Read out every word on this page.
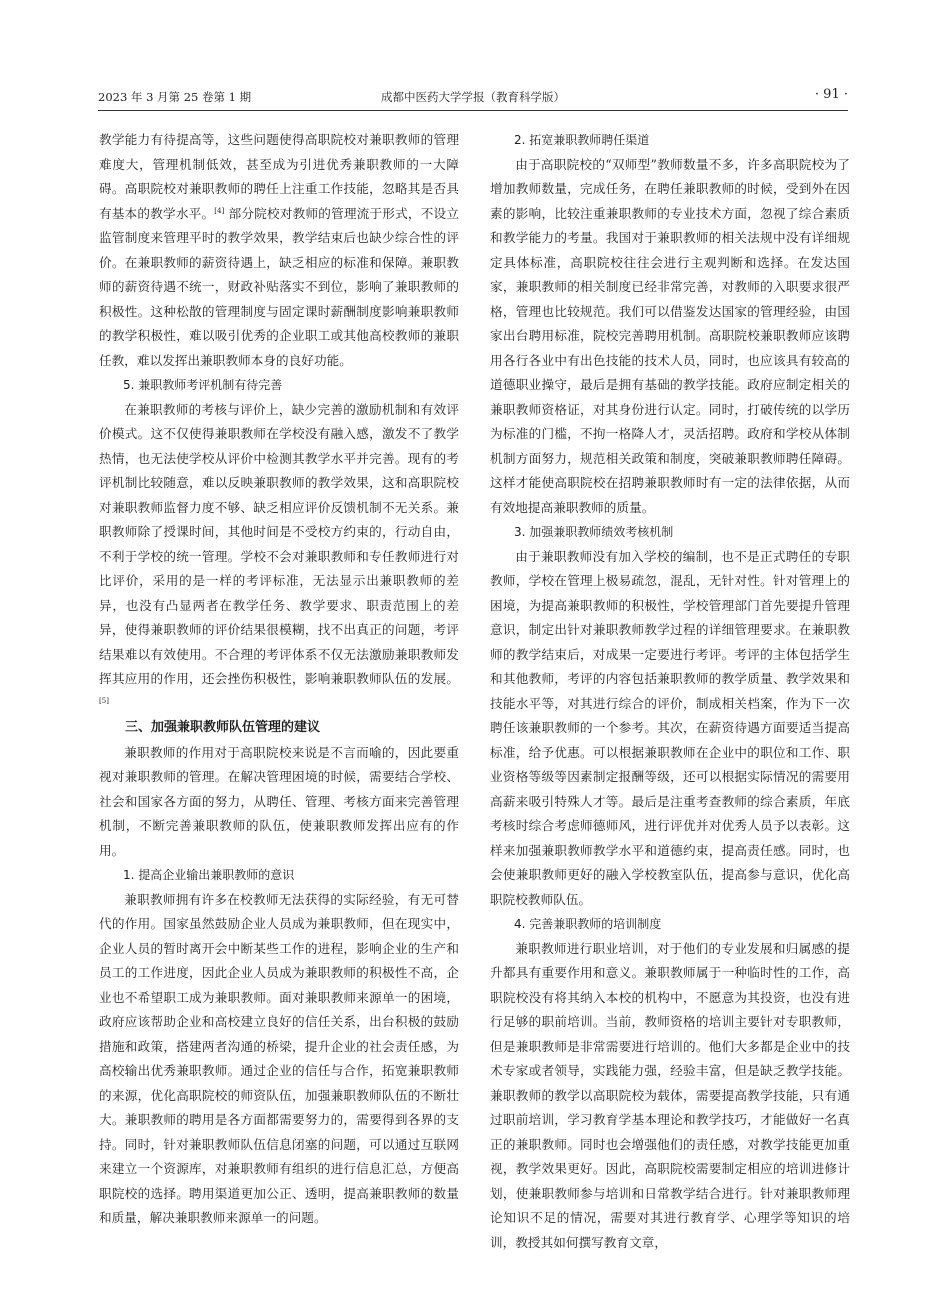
2023 年 3 月第 25 卷第 1 期	成都中医药大学学报（教育科学版）	· 91 ·

教学能力有待提高等，这些问题使得高职院校对兼职教师的管理难度大，管理机制低效，甚至成为引进优秀兼职教师的一大障碍。高职院校对兼职教师的聘任上注重工作技能，忽略其是否具有基本的教学水平。[4] 部分院校对教师的管理流于形式，不设立监管制度来管理平时的教学效果，教学结束后也缺少综合性的评价。在兼职教师的薪资待遇上，缺乏相应的标准和保障。兼职教师的薪资待遇不统一，财政补贴落实不到位，影响了兼职教师的积极性。这种松散的管理制度与固定课时薪酬制度影响兼职教师的教学积极性，难以吸引优秀的企业职工或其他高校教师的兼职任教，难以发挥出兼职教师本身的良好功能。

5. 兼职教师考评机制有待完善

在兼职教师的考核与评价上，缺少完善的激励机制和有效评价模式。这不仅使得兼职教师在学校没有融入感，激发不了教学热情，也无法使学校从评价中检测其教学水平并完善。现有的考评机制比较随意，难以反映兼职教师的教学效果，这和高职院校对兼职教师监督力度不够、缺乏相应评价反馈机制不无关系。兼职教师除了授课时间，其他时间是不受校方约束的，行动自由，不利于学校的统一管理。学校不会对兼职教师和专任教师进行对比评价，采用的是一样的考评标准，无法显示出兼职教师的差异，也没有凸显两者在教学任务、教学要求、职责范围上的差异，使得兼职教师的评价结果很模糊，找不出真正的问题，考评结果难以有效使用。不合理的考评体系不仅无法激励兼职教师发挥其应用的作用，还会挫伤积极性，影响兼职教师队伍的发展。[5]

三、加强兼职教师队伍管理的建议

兼职教师的作用对于高职院校来说是不言而喻的，因此要重视对兼职教师的管理。在解决管理困境的时候，需要结合学校、社会和国家各方面的努力，从聘任、管理、考核方面来完善管理机制，不断完善兼职教师的队伍，使兼职教师发挥出应有的作用。

1. 提高企业输出兼职教师的意识

兼职教师拥有许多在校教师无法获得的实际经验，有无可替代的作用。国家虽然鼓励企业人员成为兼职教师，但在现实中，企业人员的暂时离开会中断某些工作的进程，影响企业的生产和员工的工作进度，因此企业人员成为兼职教师的积极性不高，企业也不希望职工成为兼职教师。面对兼职教师来源单一的困境，政府应该帮助企业和高校建立良好的信任关系，出台积极的鼓励措施和政策，搭建两者沟通的桥梁，提升企业的社会责任感，为高校输出优秀兼职教师。通过企业的信任与合作，拓宽兼职教师的来源，优化高职院校的师资队伍，加强兼职教师队伍的不断壮大。兼职教师的聘用是各方面都需要努力的，需要得到各界的支持。同时，针对兼职教师队伍信息闭塞的问题，可以通过互联网来建立一个资源库，对兼职教师有组织的进行信息汇总，方便高职院校的选择。聘用渠道更加公正、透明，提高兼职教师的数量和质量，解决兼职教师来源单一的问题。

2. 拓宽兼职教师聘任渠道

由于高职院校的“双师型”教师数量不多，许多高职院校为了增加教师数量，完成任务，在聘任兼职教师的时候，受到外在因素的影响，比较注重兼职教师的专业技术方面，忽视了综合素质和教学能力的考量。我国对于兼职教师的相关法规中没有详细规定具体标准，高职院校往往会进行主观判断和选择。在发达国家，兼职教师的相关制度已经非常完善，对教师的入职要求很严格，管理也比较规范。我们可以借鉴发达国家的管理经验，由国家出台聘用标准，院校完善聘用机制。高职院校兼职教师应该聘用各行各业中有出色技能的技术人员，同时，也应该具有较高的道德职业操守，最后是拥有基础的教学技能。政府应制定相关的兼职教师资格证，对其身份进行认定。同时，打破传统的以学历为标准的门槛，不拘一格降人才，灵活招聘。政府和学校从体制机制方面努力，规范相关政策和制度，突破兼职教师聘任障碍。这样才能使高职院校在招聘兼职教师时有一定的法律依据，从而有效地提高兼职教师的质量。

3. 加强兼职教师绩效考核机制

由于兼职教师没有加入学校的编制，也不是正式聘任的专职教师，学校在管理上极易疏忽，混乱，无针对性。针对管理上的困境，为提高兼职教师的积极性，学校管理部门首先要提升管理意识，制定出针对兼职教师教学过程的详细管理要求。在兼职教师的教学结束后，对成果一定要进行考评。考评的主体包括学生和其他教师，考评的内容包括兼职教师的教学质量、教学效果和技能水平等，对其进行综合的评价，制成相关档案，作为下一次聘任该兼职教师的一个参考。其次，在薪资待遇方面要适当提高标准，给予优惠。可以根据兼职教师在企业中的职位和工作、职业资格等级等因素制定报酬等级，还可以根据实际情况的需要用高薪来吸引特殊人才等。最后是注重考查教师的综合素质，年底考核时综合考虑师德师风，进行评优并对优秀人员予以表彰。这样来加强兼职教师教学水平和道德约束，提高责任感。同时，也会使兼职教师更好的融入学校教室队伍，提高参与意识，优化高职院校教师队伍。

4. 完善兼职教师的培训制度

兼职教师进行职业培训，对于他们的专业发展和归属感的提升都具有重要作用和意义。兼职教师属于一种临时性的工作，高职院校没有将其纳入本校的机构中，不愿意为其投资，也没有进行足够的职前培训。当前，教师资格的培训主要针对专职教师，但是兼职教师是非常需要进行培训的。他们大多都是企业中的技术专家或者领导，实践能力强，经验丰富，但是缺乏教学技能。兼职教师的教学以高职院校为载体，需要提高教学技能，只有通过职前培训，学习教育学基本理论和教学技巧，才能做好一名真正的兼职教师。同时也会增强他们的责任感，对教学技能更加重视，教学效果更好。因此，高职院校需要制定相应的培训进修计划，使兼职教师参与培训和日常教学结合进行。针对兼职教师理论知识不足的情况，需要对其进行教育学、心理学等知识的培训，教授其如何撰写教育文章，
